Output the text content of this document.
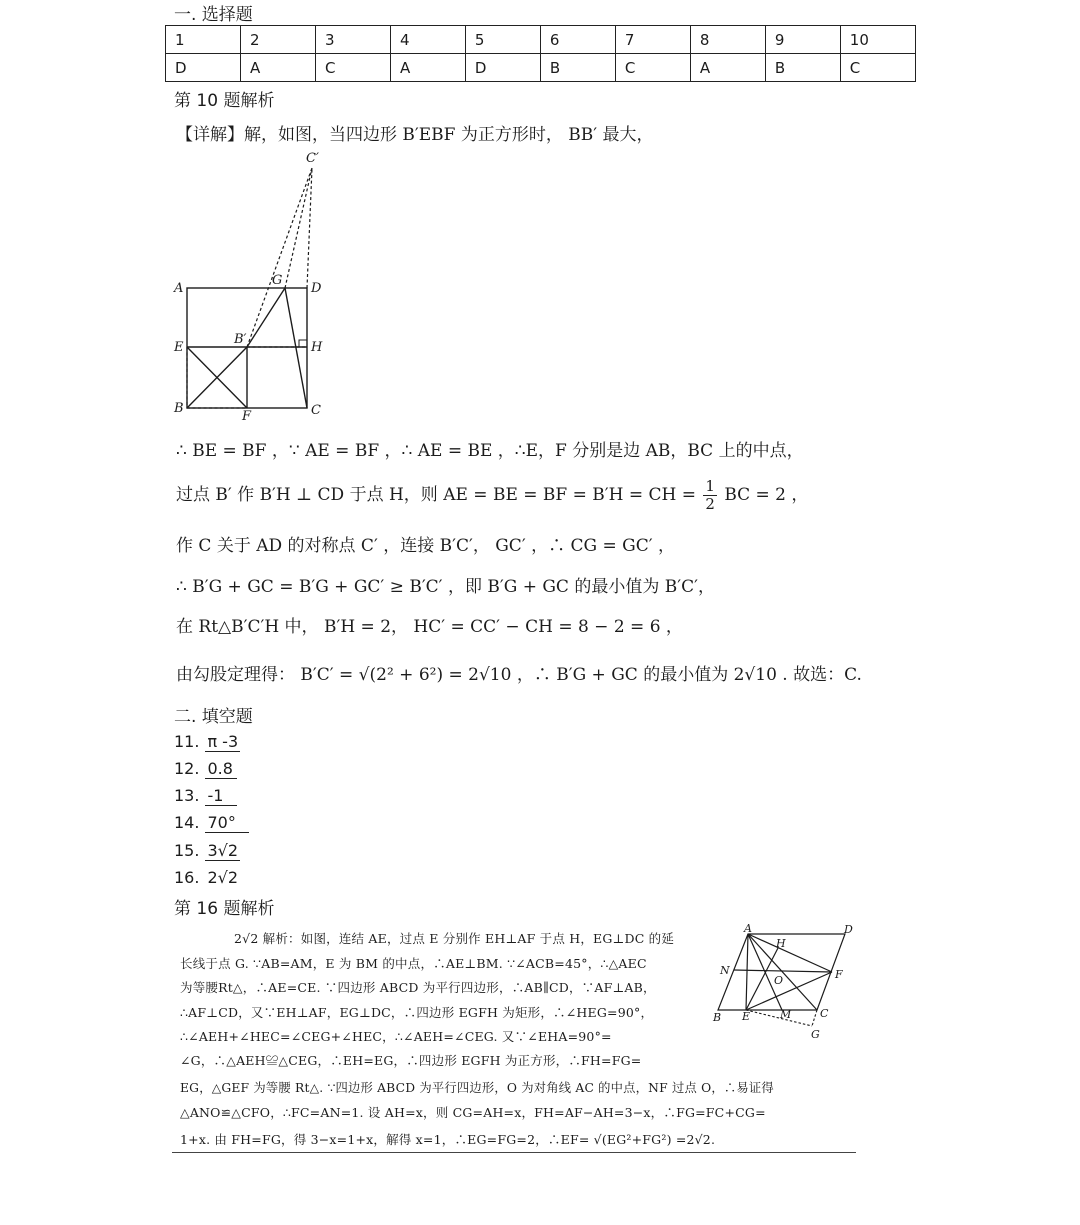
一. 选择题
1	2	3	4	5	6	7	8	9	10
D	A	C	A	D	B	C	A	B	C
第 10 题解析
【详解】解，如图，当四边形 B′EBF 为正方形时， BB′ 最大，
C′
A
G
D
E
B′
H
B
F	C
∴ BE = BF ，∵ AE = BF ，∴ AE = BE ，∴E，F 分别是边 AB，BC 上的中点，
过点 B′ 作 B′H ⊥ CD 于点 H，则 AE = BE = BF = B′H = CH = $\frac{1}{2}$ BC = 2 ，
作 C 关于 AD 的对称点 C′ ，连接 B′C′， GC′ ，∴ CG = GC′ ，
∴ B′G + GC = B′G + GC′ ≥ B′C′ ，即 B′G + GC 的最小值为 B′C′，
在 Rt△B′C′H 中， B′H = 2， HC′ = CC′ − CH = 8 − 2 = 6 ，
由勾股定理得： B′C′ = √(2² + 6²) = 2√10 ，∴ B′G + GC 的最小值为 2√10 . 故选：C.
二. 填空题
11. π -3
12. 0.8
13. -1
14. 70°
15. 3√2
16. 2√2
第 16 题解析
2√2 解析：如图，连结 AE，过点 E 分别作 EH⊥AF 于点 H，EG⊥DC 的延
长线于点 G. ∵AB=AM，E 为 BM 的中点，∴AE⊥BM. ∵∠ACB=45°，∴△AEC
为等腰Rt△，∴AE=CE. ∵四边形 ABCD 为平行四边形，∴AB∥CD，∵AF⊥AB，
∴AF⊥CD，又∵EH⊥AF，EG⊥DC，∴四边形 EGFH 为矩形，∴∠HEG=90°，
∴∠AEH+∠HEC=∠CEG+∠HEC，∴∠AEH=∠CEG. 又∵∠EHA=90°=
∠G，∴△AEH≌△CEG，∴EH=EG，∴四边形 EGFH 为正方形，∴FH=FG=
EG，△GEF 为等腰 Rt△. ∵四边形 ABCD 为平行四边形，O 为对角线 AC 的中点，NF 过点 O，∴易证得
△ANO≌△CFO，∴FC=AN=1. 设 AH=x，则 CG=AH=x，FH=AF−AH=3−x，∴FG=FC+CG=
1+x. 由 FH=FG，得 3−x=1+x，解得 x=1，∴EG=FG=2，∴EF= √(EG²+FG²) =2√2.
A	D
H
N	F
O
B E	M	C
G
